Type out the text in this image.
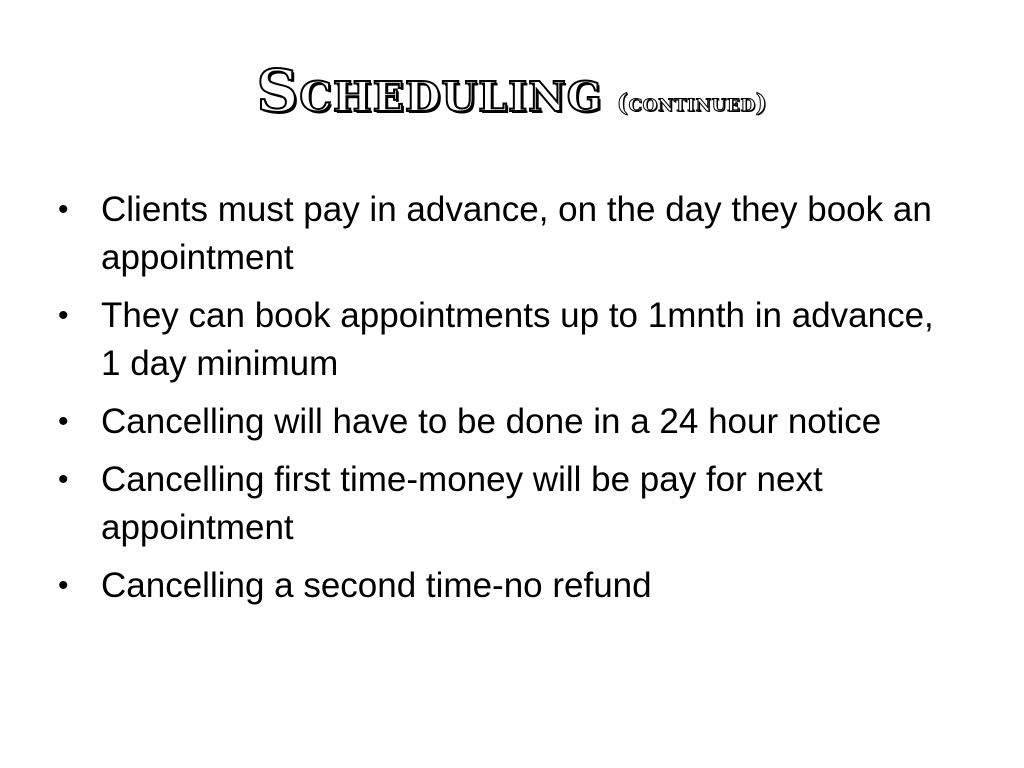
Scheduling (continued)
• Clients must pay in advance, on the day they book an appointment
• They can book appointments up to 1mnth in advance, 1 day minimum
• Cancelling will have to be done in a 24 hour notice
• Cancelling first time-money will be pay for next appointment
• Cancelling a second time-no refund
